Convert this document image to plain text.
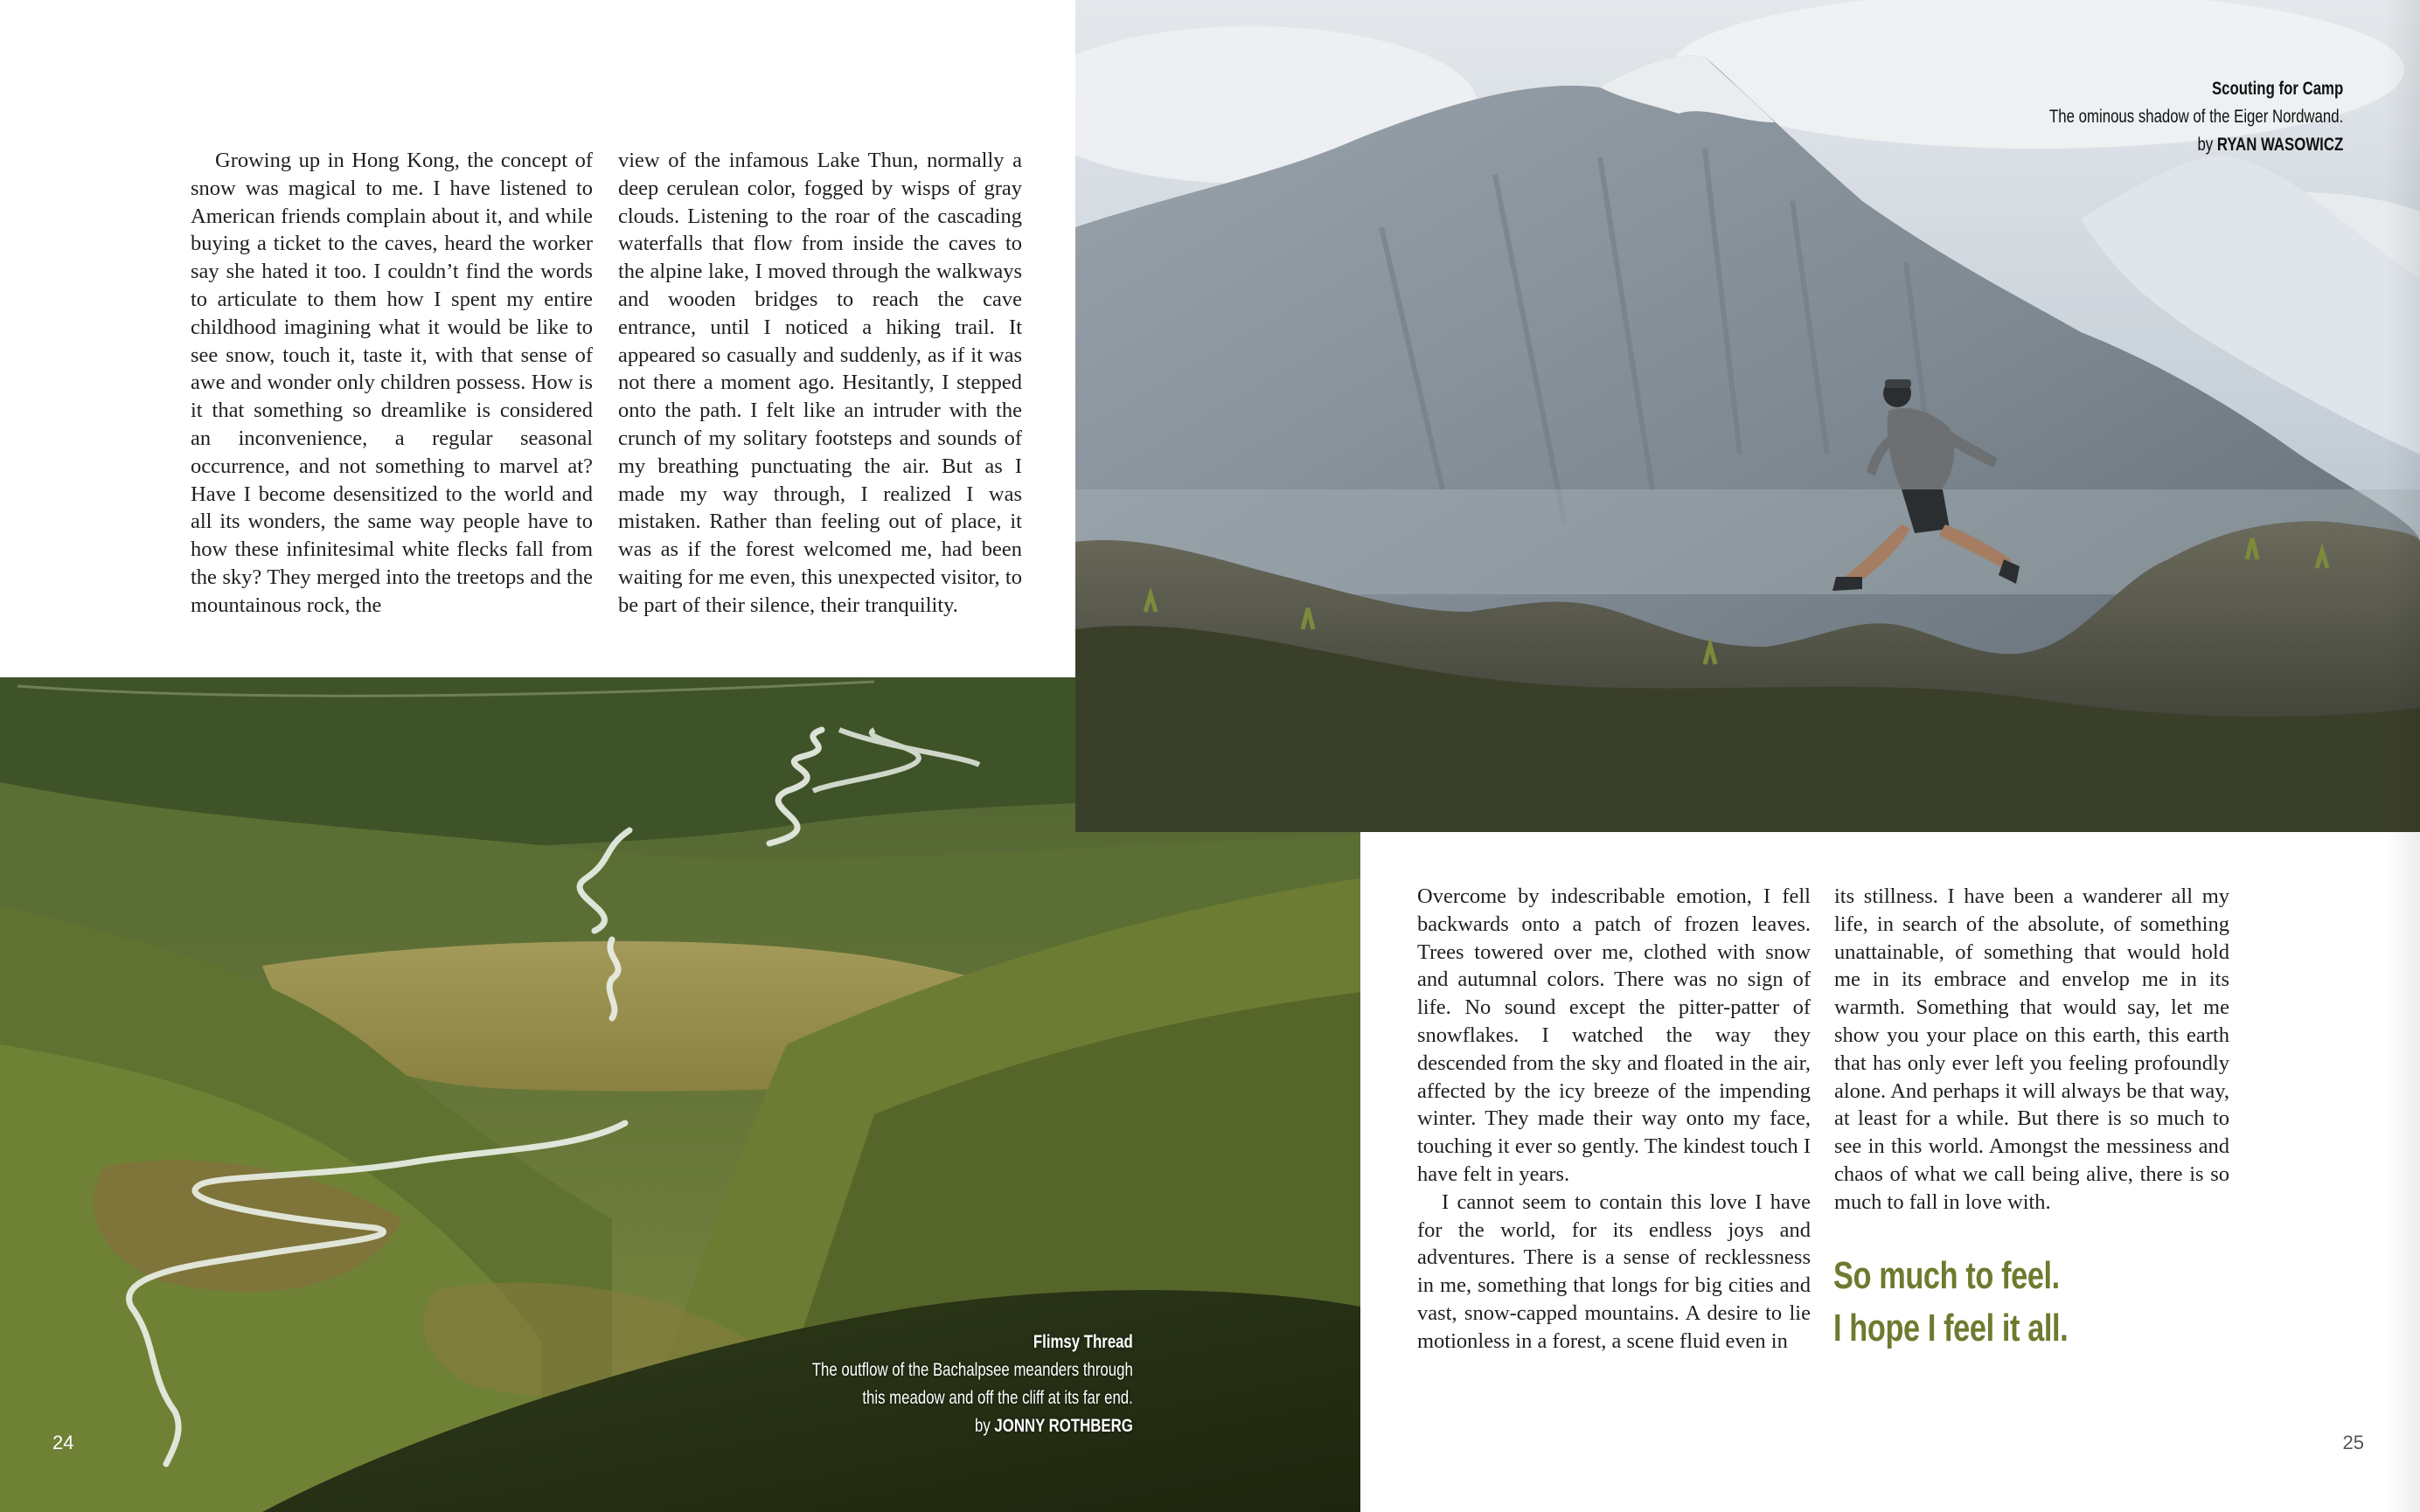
Growing up in Hong Kong, the concept of snow was magical to me. I have listened to American friends complain about it, and while buying a ticket to the caves, heard the worker say she hated it too. I couldn’t find the words to articulate to them how I spent my entire childhood imagining what it would be like to see snow, touch it, taste it, with that sense of awe and wonder only children possess. How is it that something so dreamlike is considered an inconvenience, a regular seasonal occurrence, and not something to marvel at? Have I become desensitized to the world and all its wonders, the same way people have to how these infinitesimal white flecks fall from the sky? They merged into the treetops and the mountainous rock, the

view of the infamous Lake Thun, normally a deep cerulean color, fogged by wisps of gray clouds. Listening to the roar of the cascading waterfalls that flow from inside the caves to the alpine lake, I moved through the walkways and wooden bridges to reach the cave entrance, until I noticed a hiking trail. It appeared so casually and suddenly, as if it was not there a moment ago. Hesitantly, I stepped onto the path. I felt like an intruder with the crunch of my solitary footsteps and sounds of my breathing punctuating the air. But as I made my way through, I realized I was mistaken. Rather than feeling out of place, it was as if the forest welcomed me, had been waiting for me even, this unexpected visitor, to be part of their silence, their tranquility.

Overcome by indescribable emotion, I fell backwards onto a patch of frozen leaves. Trees towered over me, clothed with snow and autumnal colors. There was no sign of life. No sound except the pitter-patter of snowflakes. I watched the way they descended from the sky and floated in the air, affected by the icy breeze of the impending winter. They made their way onto my face, touching it ever so gently. The kindest touch I have felt in years.

I cannot seem to contain this love I have for the world, for its endless joys and adventures. There is a sense of recklessness in me, something that longs for big cities and vast, snow-capped mountains. A desire to lie motionless in a forest, a scene fluid even in

its stillness. I have been a wanderer all my life, in search of the absolute, of something unattainable, of something that would hold me in its embrace and envelop me in its warmth. Something that would say, let me show you your place on this earth, this earth that has only ever left you feeling profoundly alone. And perhaps it will always be that way, at least for a while. But there is so much to see in this world. Amongst the messiness and chaos of what we call being alive, there is so much to fall in love with.

So much to feel.
I hope I feel it all.
Scouting for Camp
The ominous shadow of the Eiger Nordwand.
by RYAN WASOWICZ
Flimsy Thread
The outflow of the Bachalpsee meanders through
this meadow and off the cliff at its far end.
by JONNY ROTHBERG
24	25
